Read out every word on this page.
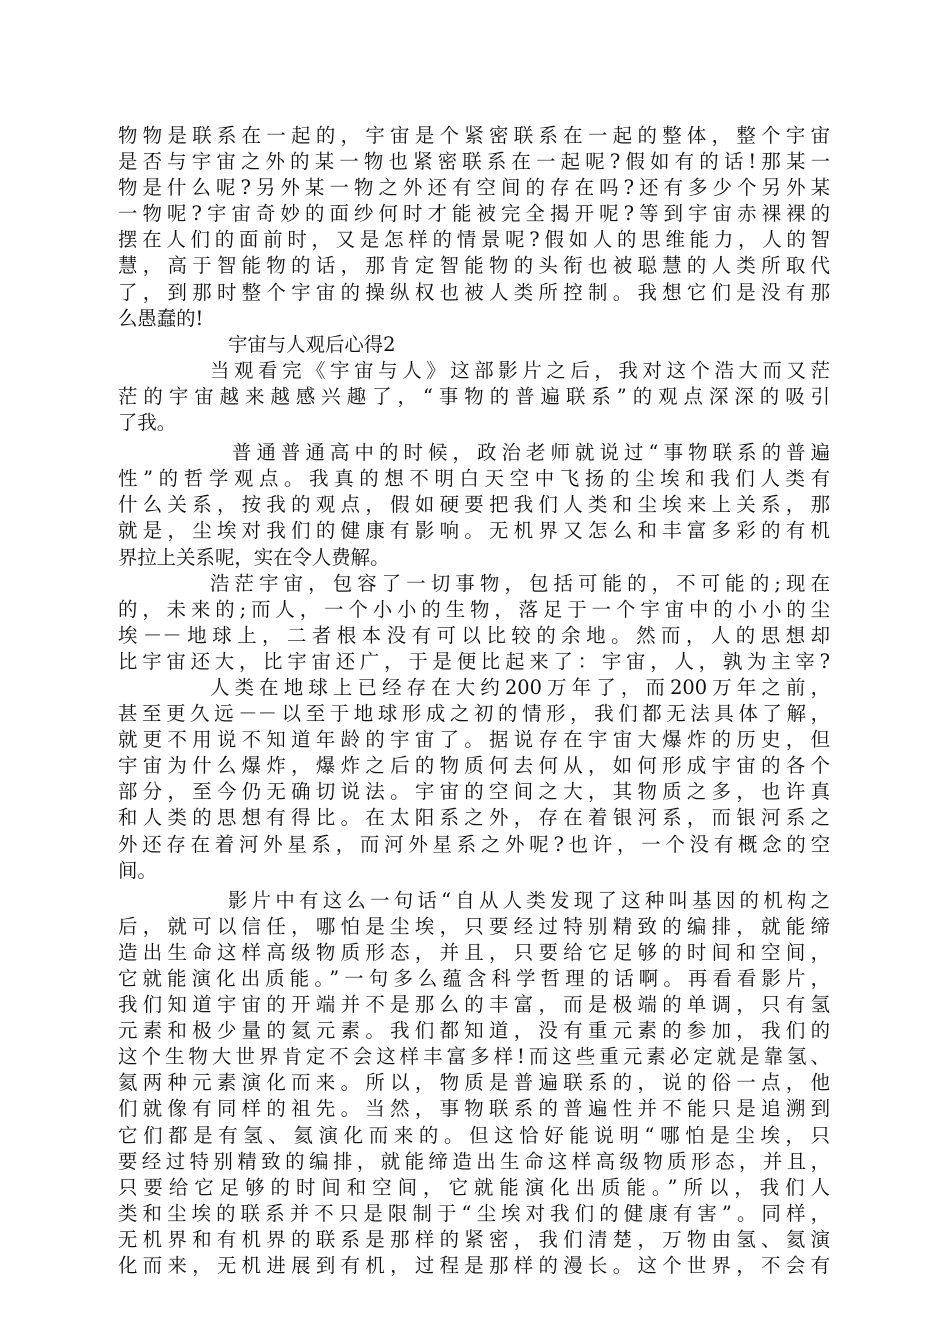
物物是联系在一起的，宇宙是个紧密联系在一起的整体，整个宇宙
是否与宇宙之外的某一物也紧密联系在一起呢?假如有的话!那某一
物是什么呢?另外某一物之外还有空间的存在吗?还有多少个另外某
一物呢?宇宙奇妙的面纱何时才能被完全揭开呢?等到宇宙赤裸裸的
摆在人们的面前时，又是怎样的情景呢?假如人的思维能力，人的智
慧，高于智能物的话，那肯定智能物的头衔也被聪慧的人类所取代
了，到那时整个宇宙的操纵权也被人类所控制。我想它们是没有那
么愚蠢的!
宇宙与人观后心得2
当观看完《宇宙与人》这部影片之后，我对这个浩大而又茫
茫的宇宙越来越感兴趣了，“事物的普遍联系”的观点深深的吸引
了我。
普通普通高中的时候，政治老师就说过“事物联系的普遍
性”的哲学观点。我真的想不明白天空中飞扬的尘埃和我们人类有
什么关系，按我的观点，假如硬要把我们人类和尘埃来上关系，那
就是，尘埃对我们的健康有影响。无机界又怎么和丰富多彩的有机
界拉上关系呢，实在令人费解。
浩茫宇宙，包容了一切事物，包括可能的，不可能的;现在
的，未来的;而人，一个小小的生物，落足于一个宇宙中的小小的尘
埃－－地球上，二者根本没有可以比较的余地。然而，人的思想却
比宇宙还大，比宇宙还广，于是便比起来了：宇宙，人，孰为主宰?
人类在地球上已经存在大约200万年了，而200万年之前，
甚至更久远－－以至于地球形成之初的情形，我们都无法具体了解，
就更不用说不知道年龄的宇宙了。据说存在宇宙大爆炸的历史，但
宇宙为什么爆炸，爆炸之后的物质何去何从，如何形成宇宙的各个
部分，至今仍无确切说法。宇宙的空间之大，其物质之多，也许真
和人类的思想有得比。在太阳系之外，存在着银河系，而银河系之
外还存在着河外星系，而河外星系之外呢?也许，一个没有概念的空
间。
影片中有这么一句话“自从人类发现了这种叫基因的机构之
后，就可以信任，哪怕是尘埃，只要经过特别精致的编排，就能缔
造出生命这样高级物质形态，并且，只要给它足够的时间和空间，
它就能演化出质能。”一句多么蕴含科学哲理的话啊。再看看影片，
我们知道宇宙的开端并不是那么的丰富，而是极端的单调，只有氢
元素和极少量的氦元素。我们都知道，没有重元素的参加，我们的
这个生物大世界肯定不会这样丰富多样!而这些重元素必定就是靠氢、
氦两种元素演化而来。所以，物质是普遍联系的，说的俗一点，他
们就像有同样的祖先。当然，事物联系的普遍性并不能只是追溯到
它们都是有氢、氦演化而来的。但这恰好能说明“哪怕是尘埃，只
要经过特别精致的编排，就能缔造出生命这样高级物质形态，并且，
只要给它足够的时间和空间，它就能演化出质能。”所以，我们人
类和尘埃的联系并不只是限制于“尘埃对我们的健康有害”。同样，
无机界和有机界的联系是那样的紧密，我们清楚，万物由氢、氦演
化而来，无机进展到有机，过程是那样的漫长。这个世界，不会有
